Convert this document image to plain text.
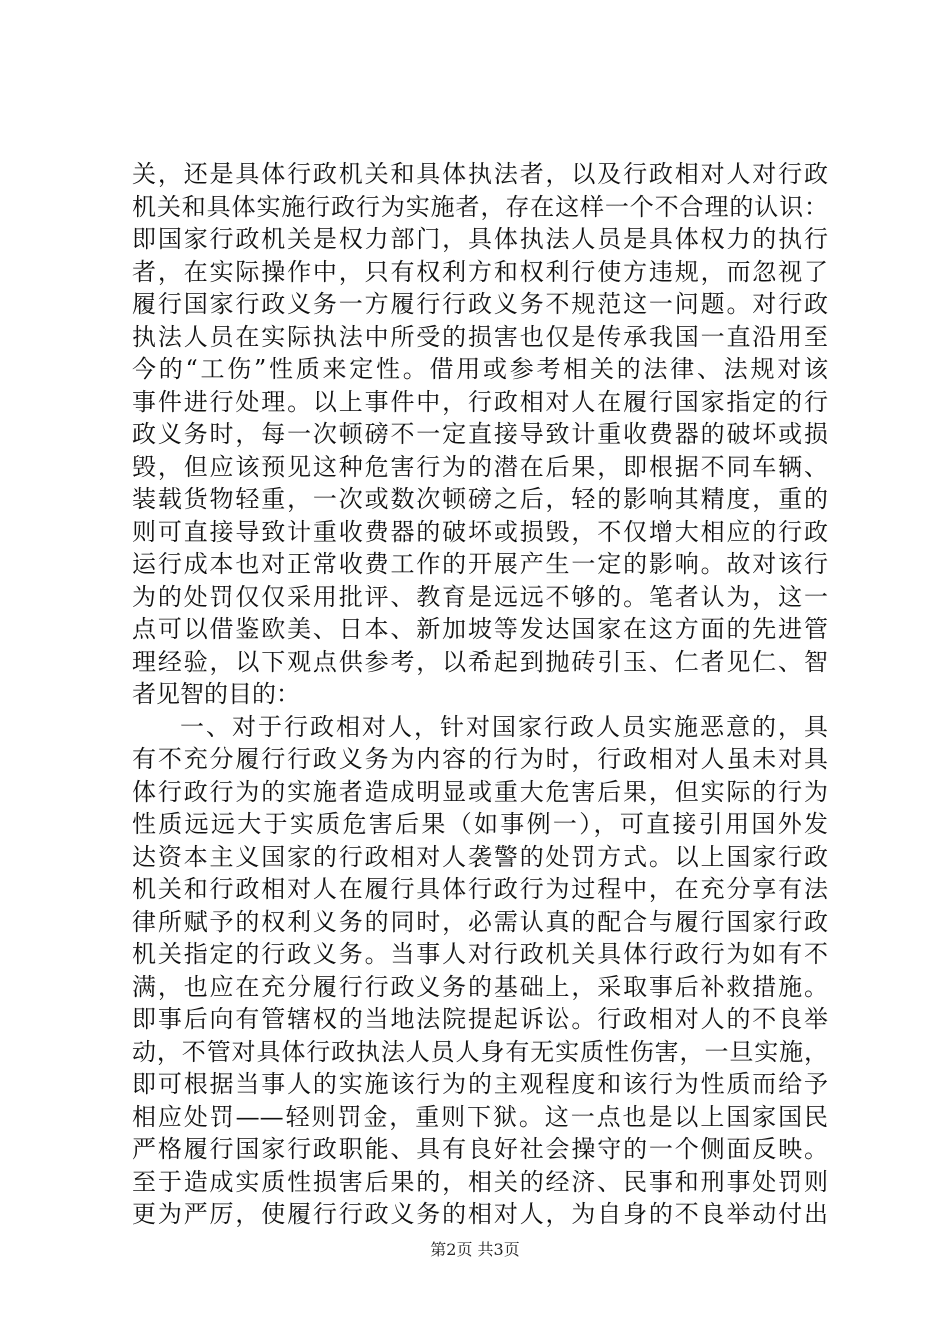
关，还是具体行政机关和具体执法者，以及行政相对人对行政
机关和具体实施行政行为实施者，存在这样一个不合理的认识：
即国家行政机关是权力部门，具体执法人员是具体权力的执行
者，在实际操作中，只有权利方和权利行使方违规，而忽视了
履行国家行政义务一方履行行政义务不规范这一问题。对行政
执法人员在实际执法中所受的损害也仅是传承我国一直沿用至
今的“工伤”性质来定性。借用或参考相关的法律、法规对该
事件进行处理。以上事件中，行政相对人在履行国家指定的行
政义务时，每一次顿磅不一定直接导致计重收费器的破坏或损
毁，但应该预见这种危害行为的潜在后果，即根据不同车辆、
装载货物轻重，一次或数次顿磅之后，轻的影响其精度，重的
则可直接导致计重收费器的破坏或损毁，不仅增大相应的行政
运行成本也对正常收费工作的开展产生一定的影响。故对该行
为的处罚仅仅采用批评、教育是远远不够的。笔者认为，这一
点可以借鉴欧美、日本、新加坡等发达国家在这方面的先进管
理经验，以下观点供参考，以希起到抛砖引玉、仁者见仁、智
者见智的目的：
一、对于行政相对人，针对国家行政人员实施恶意的，具
有不充分履行行政义务为内容的行为时，行政相对人虽未对具
体行政行为的实施者造成明显或重大危害后果，但实际的行为
性质远远大于实质危害后果（如事例一），可直接引用国外发
达资本主义国家的行政相对人袭警的处罚方式。以上国家行政
机关和行政相对人在履行具体行政行为过程中，在充分享有法
律所赋予的权利义务的同时，必需认真的配合与履行国家行政
机关指定的行政义务。当事人对行政机关具体行政行为如有不
满，也应在充分履行行政义务的基础上，采取事后补救措施。
即事后向有管辖权的当地法院提起诉讼。行政相对人的不良举
动，不管对具体行政执法人员人身有无实质性伤害，一旦实施，
即可根据当事人的实施该行为的主观程度和该行为性质而给予
相应处罚——轻则罚金，重则下狱。这一点也是以上国家国民
严格履行国家行政职能、具有良好社会操守的一个侧面反映。
至于造成实质性损害后果的，相关的经济、民事和刑事处罚则
更为严厉，使履行行政义务的相对人，为自身的不良举动付出
第2页 共3页
